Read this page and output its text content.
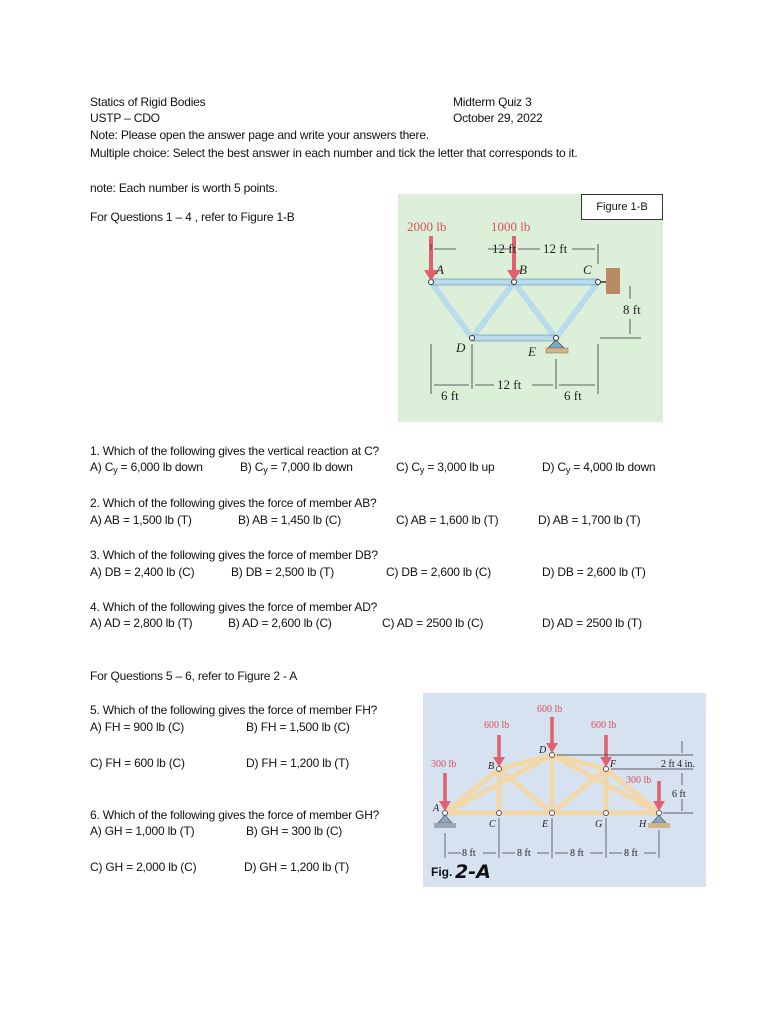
Statics of Rigid Bodies
USTP – CDO
Midterm Quiz 3
October 29, 2022
Note: Please open the answer page and write your answers there.
Multiple choice: Select the best answer in each number and tick the letter that corresponds to it.
note: Each number is worth 5 points.
For Questions 1 – 4 , refer to Figure 1-B
12 ft 12 ft
8 ft
6 ft
12 ft
6 ft
A	B	C
D	E
2000 lb	1000 lb
Figure 1-B
1. Which of the following gives the vertical reaction at C?
A) $C_y = 6,000$ lb down	B) $C_y = 7,000$ lb down	C) $C_y = 3,000$ lb up	D) $C_y = 4,000$ lb down
2. Which of the following gives the force of member AB?
A) AB = 1,500 lb (T)	B) AB = 1,450 lb (C)	C) AB = 1,600 lb (T)	D) AB = 1,700 lb (T)
3. Which of the following gives the force of member DB?
A) DB = 2,400 lb (C)	B) DB = 2,500 lb (T)	C) DB = 2,600 lb (C)	D) DB = 2,600 lb (T)
4. Which of the following gives the force of member AD?
A) AD = 2,800 lb (T)	B) AD = 2,600 lb (C)	C) AD = 2500 lb (C)	D) AD = 2500 lb (T)
For Questions 5 – 6, refer to Figure 2 - A
5. Which of the following gives the force of member FH?
A) FH = 900 lb (C)	B) FH = 1,500 lb (C)
C) FH = 600 lb (C)	D) FH = 1,200 lb (T)
6. Which of the following gives the force of member GH?
A) GH = 1,000 lb (T)	B) GH = 300 lb (C)
C) GH = 2,000 lb (C)	D) GH = 1,200 lb (T)
8 ft	8 ft	8 ft	8 ft
2 ft 4 in.
6 ft
A
B
C
D
E
F
G	H
300 lb
600 lb
600 lb
600 lb
300 lb
Fig. 2-A
